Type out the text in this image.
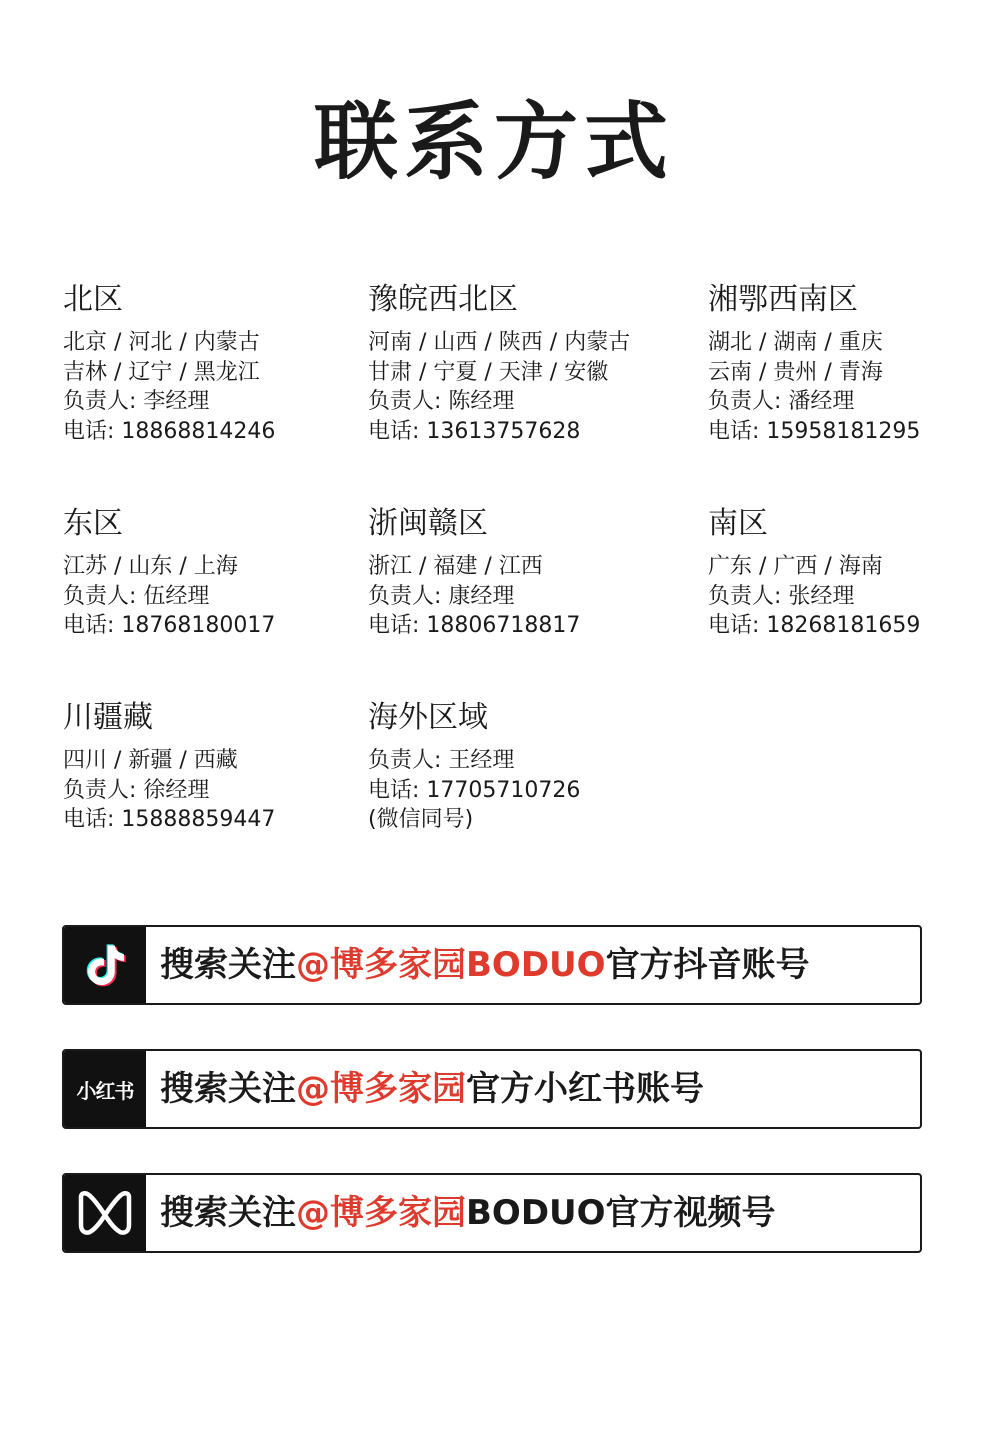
联系方式
北区
北京 / 河北 / 内蒙古
吉林 / 辽宁 / 黑龙江
负责人: 李经理
电话: 18868814246
豫皖西北区
河南 / 山西 / 陕西 / 内蒙古
甘肃 / 宁夏 / 天津 / 安徽
负责人: 陈经理
电话: 13613757628
湘鄂西南区
湖北 / 湖南 / 重庆
云南 / 贵州 / 青海
负责人: 潘经理
电话: 15958181295
东区
江苏 / 山东 / 上海
负责人: 伍经理
电话: 18768180017
浙闽赣区
浙江 / 福建 / 江西
负责人: 康经理
电话: 18806718817
南区
广东 / 广西 / 海南
负责人: 张经理
电话: 18268181659
川疆藏
四川 / 新疆 / 西藏
负责人: 徐经理
电话: 15888859447
海外区域
负责人: 王经理
电话: 17705710726
(微信同号)
搜索关注@博多家园BODUO官方抖音账号
小红书 搜索关注@博多家园官方小红书账号
搜索关注@博多家园BODUO官方视频号
